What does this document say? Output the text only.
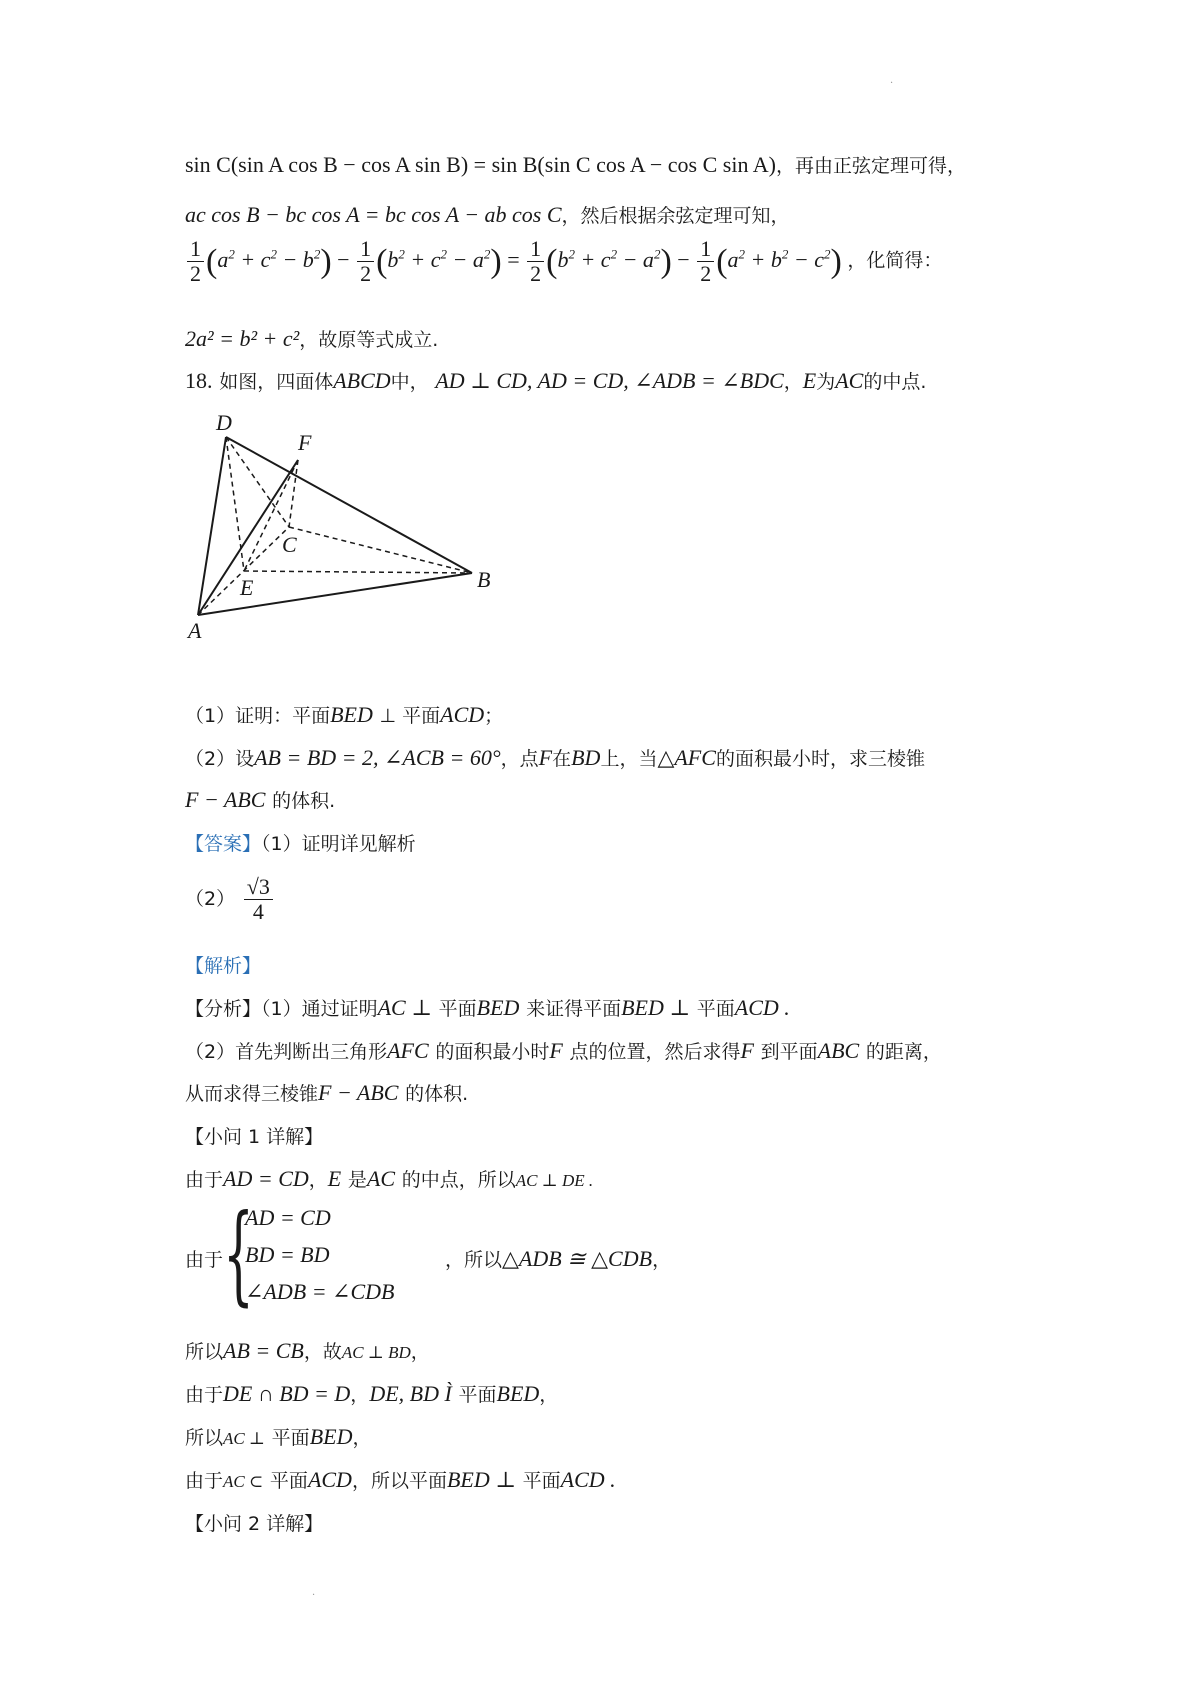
·
·
sin C(sin A cos B − cos A sin B) = sin B(sin C cos A − cos C sin A)，再由正弦定理可得，
ac cos B − bc cos A = bc cos A − ab cos C，然后根据余弦定理可知，
$\frac{1}{2} (a^2 + c^2 - b^2) - \frac{1}{2} (b^2 + c^2 - a^2) = \frac{1}{2} (b^2 + c^2 - a^2) - \frac{1}{2} (a^2 + b^2 - c^2)$ ，化简得：
2a² = b² + c²，故原等式成立.
18. 如图，四面体ABCD中， AD ⊥ CD, AD = CD, ∠ADB = ∠BDC，E为AC的中点.
D
F
C
B
E
A
（1）证明：平面BED ⊥ 平面ACD；
（2）设AB = BD = 2, ∠ACB = 60°，点F在BD上，当△AFC的面积最小时，求三棱锥
F − ABC 的体积.
【答案】（1）证明详见解析
$(2) \frac{√3}{4}$
【解析】
【分析】（1）通过证明AC ⊥ 平面BED 来证得平面BED ⊥ 平面ACD .
（2）首先判断出三角形AFC 的面积最小时F 点的位置，然后求得F 到平面ABC 的距离，
从而求得三棱锥F − ABC 的体积.
【小问 1 详解】
由于AD = CD，E 是AC 的中点，所以AC ⊥ DE .
由于 {
AD = CD
BD = BD
∠ADB = ∠CDB
，所以△ADB ≅ △CDB，
所以AB = CB，故AC ⊥ BD，
由于DE ∩ BD = D，DE, BD Ì 平面BED，
所以AC ⊥ 平面BED，
由于AC ⊂ 平面ACD，所以平面BED ⊥ 平面ACD .
【小问 2 详解】
